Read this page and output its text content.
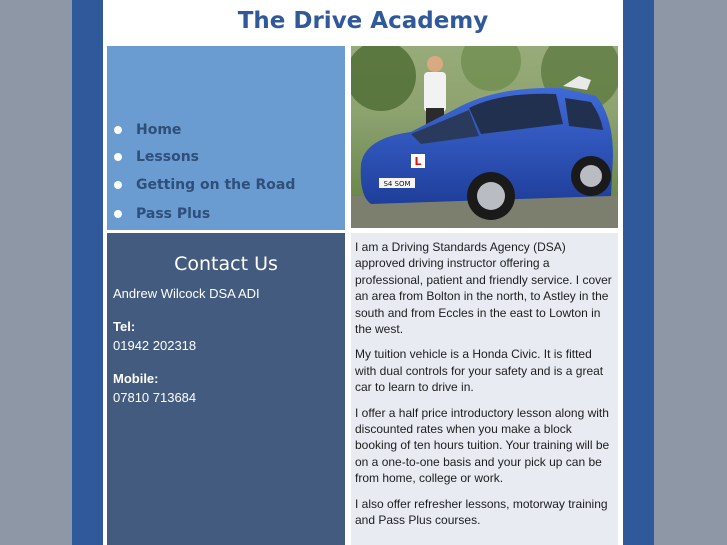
The Drive Academy
Home
Lessons
Getting on the Road
Pass Plus
S4 SOM
L
Contact Us
Andrew Wilcock DSA ADI
Tel:
01942 202318
Mobile:
07810 713684

I am a Driving Standards Agency (DSA) approved driving instructor offering a professional, patient and friendly service. I cover an area from Bolton in the north, to Astley in the south and from Eccles in the east to Lowton in the west.

My tuition vehicle is a Honda Civic. It is fitted with dual controls for your safety and is a great car to learn to drive in.

I offer a half price introductory lesson along with discounted rates when you make a block booking of ten hours tuition. Your training will be on a one-to-one basis and your pick up can be from home, college or work.

I also offer refresher lessons, motorway training and Pass Plus courses.
